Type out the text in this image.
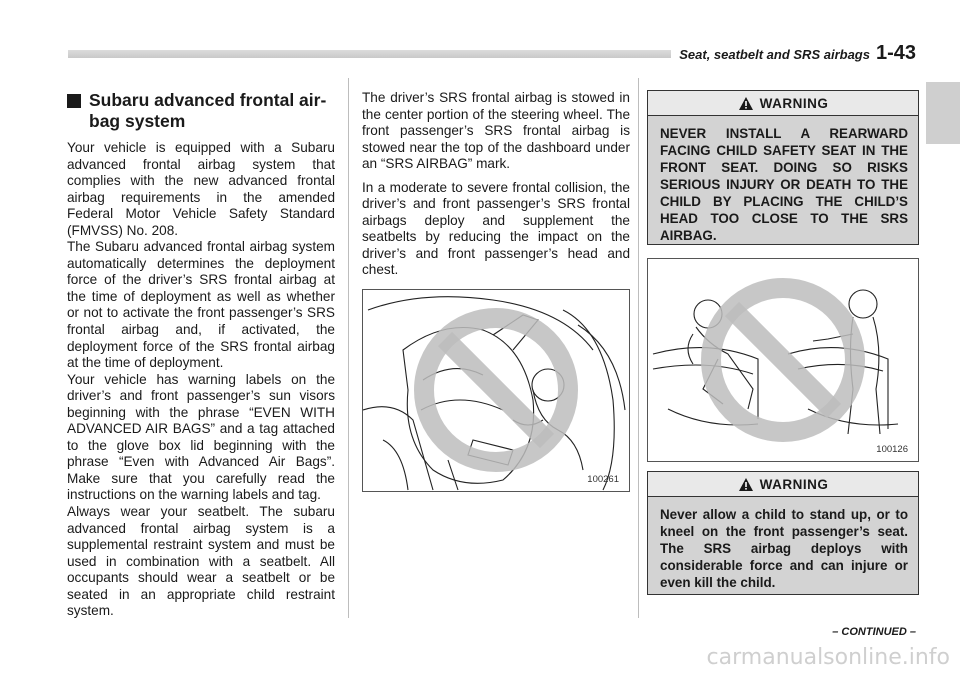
Seat, seatbelt and SRS airbags 1-43
Subaru advanced frontal air-bag system

Your vehicle is equipped with a Subaru advanced frontal airbag system that complies with the new advanced frontal airbag requirements in the amended Federal Motor Vehicle Safety Standard (FMVSS) No. 208.

The Subaru advanced frontal airbag system automatically determines the deployment force of the driver’s SRS frontal airbag at the time of deployment as well as whether or not to activate the front passenger’s SRS frontal airbag and, if activated, the deployment force of the SRS frontal airbag at the time of deployment.

Your vehicle has warning labels on the driver’s and front passenger’s sun visors beginning with the phrase “EVEN WITH ADVANCED AIR BAGS” and a tag attached to the glove box lid beginning with the phrase “Even with Advanced Air Bags”. Make sure that you carefully read the instructions on the warning labels and tag.

Always wear your seatbelt. The subaru advanced frontal airbag system is a supplemental restraint system and must be used in combination with a seatbelt. All occupants should wear a seatbelt or be seated in an appropriate child restraint system.

The driver’s SRS frontal airbag is stowed in the center portion of the steering wheel. The front passenger’s SRS frontal airbag is stowed near the top of the dashboard under an “SRS AIRBAG” mark.

In a moderate to severe frontal collision, the driver’s and front passenger’s SRS frontal airbags deploy and supplement the seatbelts by reducing the impact on the driver’s and front passenger’s head and chest.

100261
WARNING
NEVER INSTALL A REARWARD FACING CHILD SAFETY SEAT IN THE FRONT SEAT. DOING SO RISKS SERIOUS INJURY OR DEATH TO THE CHILD BY PLACING THE CHILD’S HEAD TOO CLOSE TO THE SRS AIRBAG.
100126
WARNING
Never allow a child to stand up, or to kneel on the front passenger’s seat. The SRS airbag deploys with considerable force and can injure or even kill the child.
– CONTINUED –
carmanualsonline.info
